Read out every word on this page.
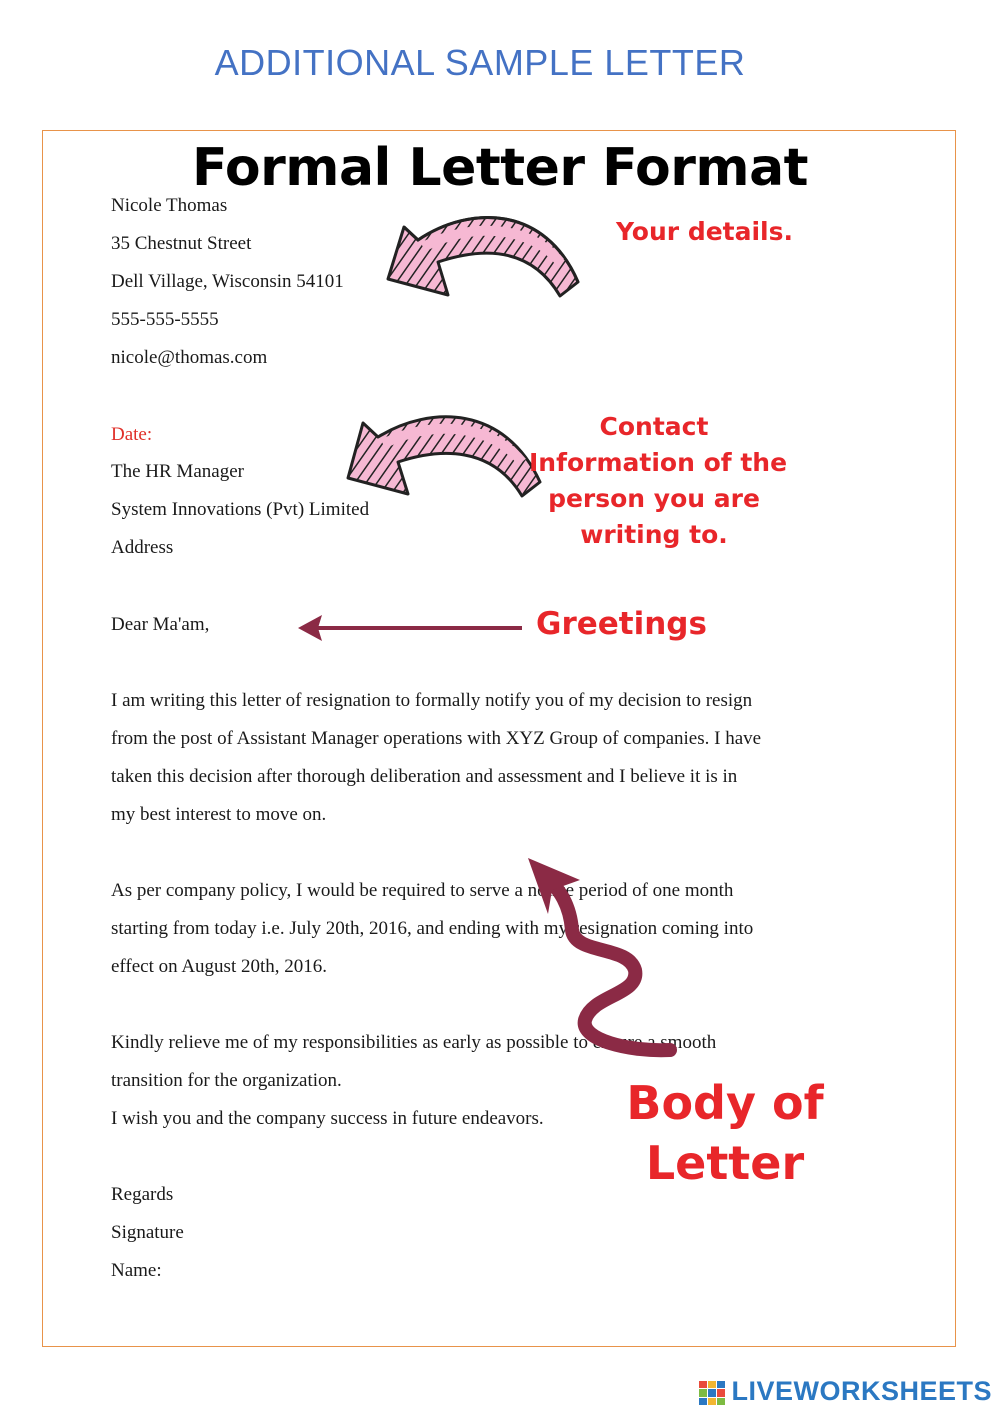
ADDITIONAL SAMPLE LETTER
Formal Letter Format
Nicole Thomas
35 Chestnut Street
Dell Village, Wisconsin 54101
555-555-5555
nicole@thomas.com
Date:
The HR Manager
System Innovations (Pvt) Limited
Address
Dear Ma'am,
I am writing this letter of resignation to formally notify you of my decision to resign
from the post of Assistant Manager operations with XYZ Group of companies. I have
taken this decision after thorough deliberation and assessment and I believe it is in
my best interest to move on.
As per company policy, I would be required to serve a notice period of one month
starting from today i.e. July 20th, 2016, and ending with my resignation coming into
effect on August 20th, 2016.
Kindly relieve me of my responsibilities as early as possible to ensure a smooth
transition for the organization.
I wish you and the company success in future endeavors.
Regards
Signature
Name:
Your details.
Contact
Information of the
person you are
writing to.
Greetings
Body of
Letter
LIVEWORKSHEETS
